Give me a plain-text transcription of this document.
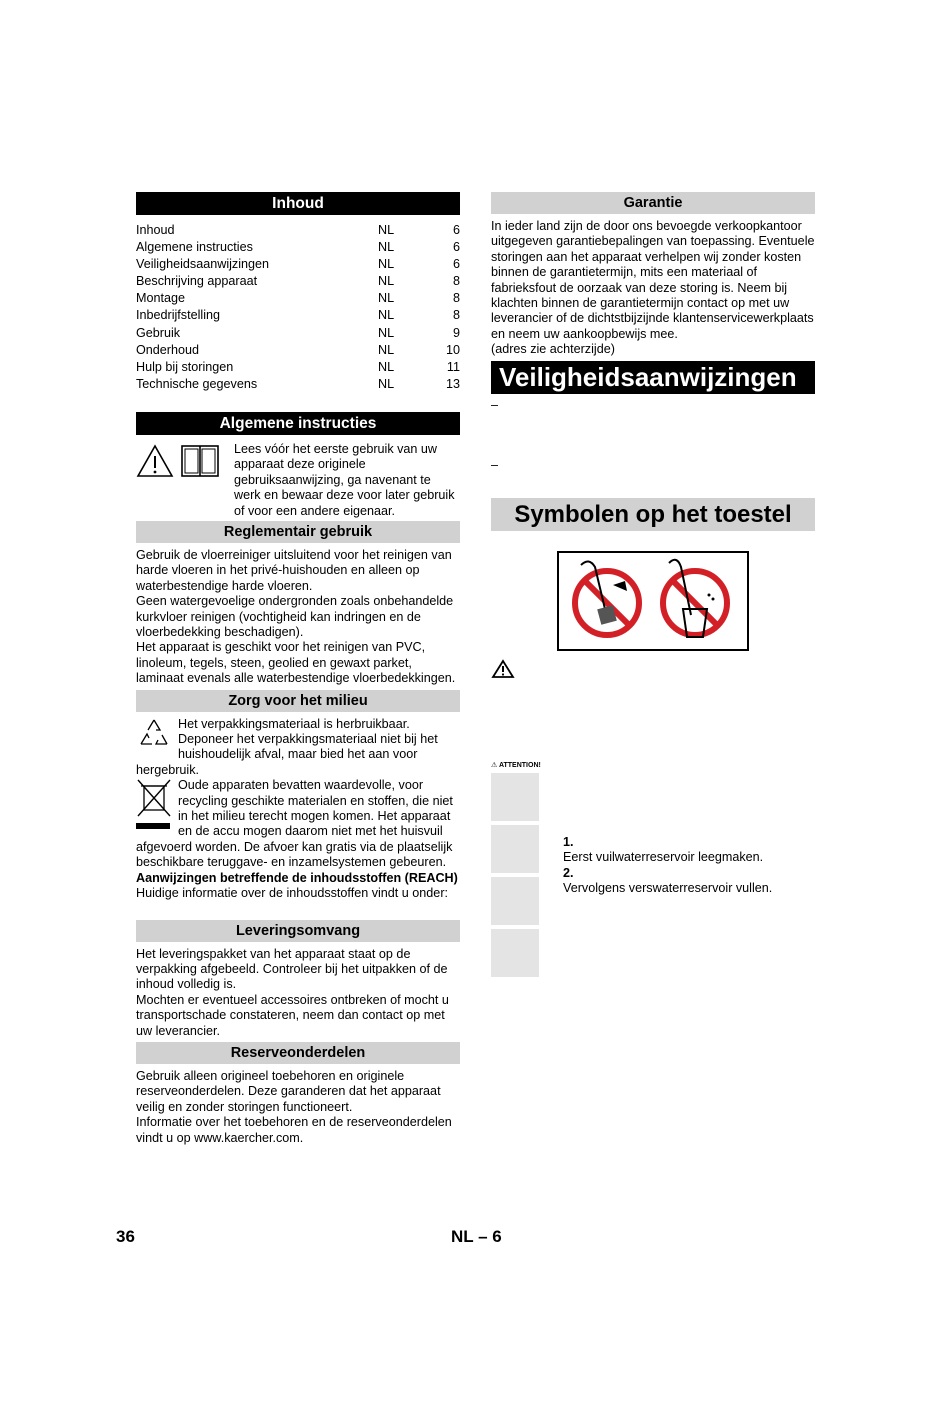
Inhoud
Inhoud	NL	6
Algemene instructies	NL	6
Veiligheidsaanwijzingen	NL	6
Beschrijving apparaat	NL	8
Montage	NL	8
Inbedrijfstelling	NL	8
Gebruik	NL	9
Onderhoud	NL	10
Hulp bij storingen	NL	11
Technische gegevens	NL	13
Algemene instructies

Lees vóór het eerste gebruik van uw apparaat deze originele gebruiksaanwijzing, ga navenant te werk en bewaar deze voor later gebruik of voor een andere eigenaar.

Reglementair gebruik

Gebruik de vloerreiniger uitsluitend voor het reinigen van harde vloeren in het privé-huishouden en alleen op waterbestendige harde vloeren.

Geen watergevoelige ondergronden zoals onbehandelde kurkvloer reinigen (vochtigheid kan indringen en de vloerbedekking beschadigen).

Het apparaat is geschikt voor het reinigen van PVC, linoleum, tegels, steen, geolied en gewaxt parket, laminaat evenals alle waterbestendige vloerbedekkingen.

Zorg voor het milieu

Het verpakkingsmateriaal is herbruikbaar. Deponeer het verpakkingsmateriaal niet bij het huishoudelijk afval, maar bied het aan voor hergebruik.

Oude apparaten bevatten waardevolle, voor recycling geschikte materialen en stoffen, die niet in het milieu terecht mogen komen. Het apparaat en de accu mogen daarom niet met het huisvuil afgevoerd worden. De afvoer kan gratis via de plaatselijk beschikbare teruggave- en inzamelsystemen gebeuren.

Aanwijzingen betreffende de inhoudsstoffen (REACH)

Huidige informatie over de inhoudsstoffen vindt u onder:

Leveringsomvang

Het leveringspakket van het apparaat staat op de verpakking afgebeeld. Controleer bij het uitpakken of de inhoud volledig is.

Mochten er eventueel accessoires ontbreken of mocht u transportschade constateren, neem dan contact op met uw leverancier.

Reserveonderdelen

Gebruik alleen origineel toebehoren en originele reserveonderdelen. Deze garanderen dat het apparaat veilig en zonder storingen functioneert.

Informatie over het toebehoren en de reserveonderdelen vindt u op www.kaercher.com.

Garantie

In ieder land zijn de door ons bevoegde verkoopkantoor uitgegeven garantiebepalingen van toepassing. Eventuele storingen aan het apparaat verhelpen wij zonder kosten binnen de garantietermijn, mits een materiaal of fabrieksfout de oorzaak van deze storing is. Neem bij klachten binnen de garantietermijn contact op met uw leverancier of de dichtstbijzijnde klantenservicewerkplaats en neem uw aankoopbewijs mee.

(adres zie achterzijde)

Veiligheidsaanwijzingen
–
–
Symbolen op het toestel
⚠ ATTENTION!

1.

Eerst vuilwaterreservoir leegmaken.

2.

Vervolgens verswaterreservoir vullen.

36	NL – 6
